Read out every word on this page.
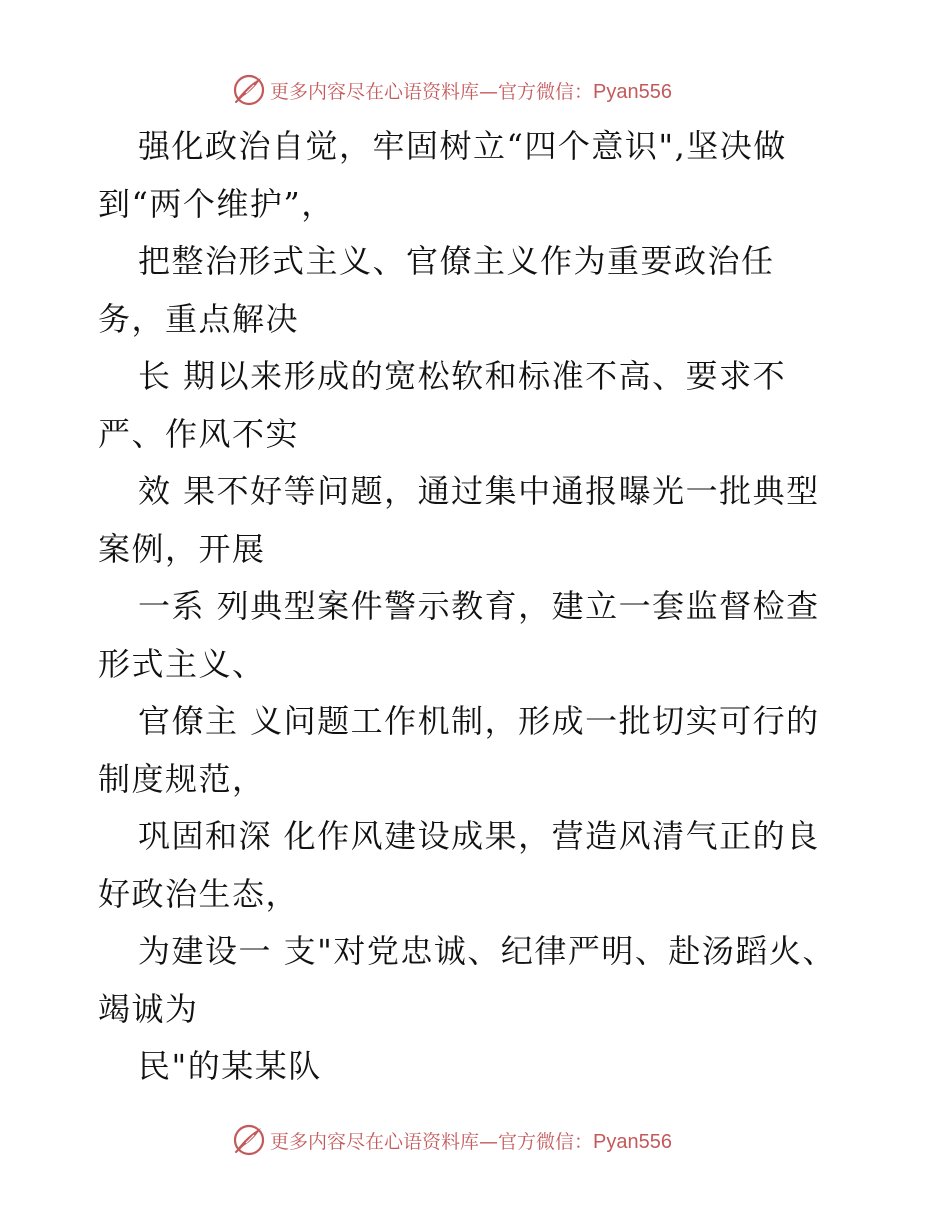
更多内容尽在心语资料库—官方微信：Pyan556

强化政治自觉，牢固树立“四个意识",坚决做到“两个维护”，

把整治形式主义、官僚主义作为重要政治任务，重点解决

长 期以来形成的宽松软和标准不高、要求不严、作风不实

效 果不好等问题，通过集中通报曝光一批典型案例，开展

一系 列典型案件警示教育，建立一套监督检查形式主义、

官僚主 义问题工作机制，形成一批切实可行的制度规范，

巩固和深 化作风建设成果，营造风清气正的良好政治生态，

为建设一 支"对党忠诚、纪律严明、赴汤蹈火、竭诚为

民"的某某队

更多内容尽在心语资料库—官方微信：Pyan556
